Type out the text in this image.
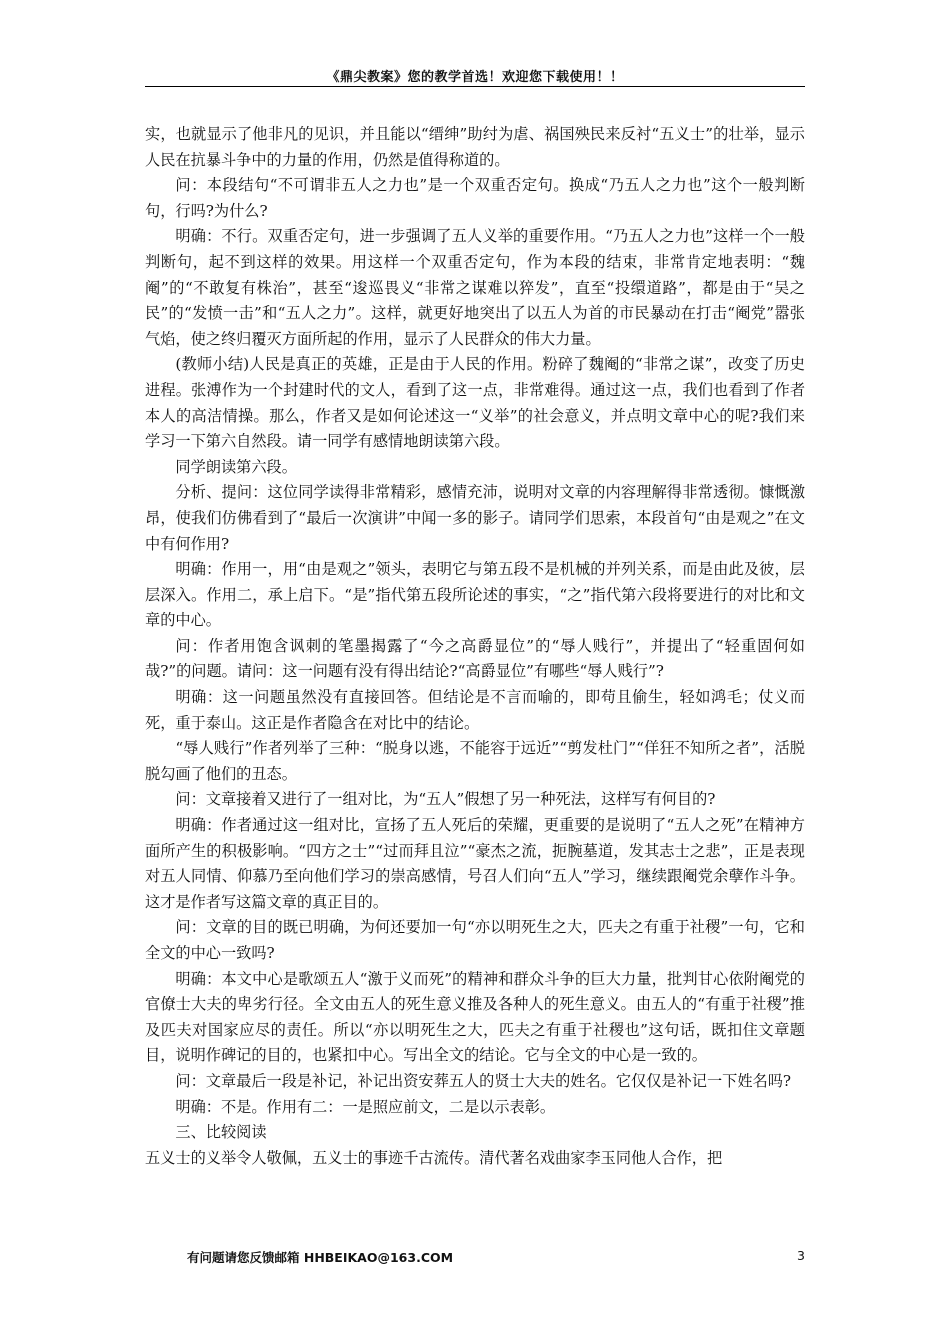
《鼎尖教案》您的教学首选！欢迎您下载使用！！

实，也就显示了他非凡的见识，并且能以“缙绅”助纣为虐、祸国殃民来反衬“五义士”的壮举，显示人民在抗暴斗争中的力量的作用，仍然是值得称道的。

问：本段结句“不可谓非五人之力也”是一个双重否定句。换成“乃五人之力也”这个一般判断句，行吗?为什么?

明确：不行。双重否定句，进一步强调了五人义举的重要作用。“乃五人之力也”这样一个一般判断句，起不到这样的效果。用这样一个双重否定句，作为本段的结束，非常肯定地表明：“魏阉”的“不敢复有株治”，甚至“逡巡畏义“非常之谋难以猝发”，直至“投缳道路”，都是由于“吴之民”的“发愤一击”和“五人之力”。这样，就更好地突出了以五人为首的市民暴动在打击“阉党”嚣张气焰，使之终归覆灭方面所起的作用，显示了人民群众的伟大力量。

(教师小结)人民是真正的英雄，正是由于人民的作用。粉碎了魏阉的“非常之谋”，改变了历史进程。张溥作为一个封建时代的文人，看到了这一点，非常难得。通过这一点，我们也看到了作者本人的高洁情操。那么，作者又是如何论述这一“义举”的社会意义，并点明文章中心的呢?我们来学习一下第六自然段。请一同学有感情地朗读第六段。

同学朗读第六段。

分析、提问：这位同学读得非常精彩，感情充沛，说明对文章的内容理解得非常透彻。慷慨激昂，使我们仿佛看到了“最后一次演讲”中闻一多的影子。请同学们思索，本段首句“由是观之”在文中有何作用?

明确：作用一，用“由是观之”领头，表明它与第五段不是机械的并列关系，而是由此及彼，层层深入。作用二，承上启下。“是”指代第五段所论述的事实，“之”指代第六段将要进行的对比和文章的中心。

问：作者用饱含讽刺的笔墨揭露了“今之高爵显位”的“辱人贱行”，并提出了“轻重固何如哉?”的问题。请问：这一问题有没有得出结论?“高爵显位”有哪些“辱人贱行”?

明确：这一问题虽然没有直接回答。但结论是不言而喻的，即苟且偷生，轻如鸿毛；仗义而死，重于泰山。这正是作者隐含在对比中的结论。

“辱人贱行”作者列举了三种：“脱身以逃，不能容于远近”“剪发杜门”“佯狂不知所之者”，活脱脱勾画了他们的丑态。

问：文章接着又进行了一组对比，为“五人”假想了另一种死法，这样写有何目的?

明确：作者通过这一组对比，宣扬了五人死后的荣耀，更重要的是说明了“五人之死”在精神方面所产生的积极影响。“四方之士”“过而拜且泣”“豪杰之流，扼腕墓道，发其志士之悲”，正是表现对五人同情、仰慕乃至向他们学习的崇高感情，号召人们向“五人”学习，继续跟阉党余孽作斗争。这才是作者写这篇文章的真正目的。

问：文章的目的既已明确，为何还要加一句“亦以明死生之大，匹夫之有重于社稷”一句，它和全文的中心一致吗?

明确：本文中心是歌颂五人“激于义而死”的精神和群众斗争的巨大力量，批判甘心依附阉党的官僚士大夫的卑劣行径。全文由五人的死生意义推及各种人的死生意义。由五人的“有重于社稷”推及匹夫对国家应尽的责任。所以“亦以明死生之大，匹夫之有重于社稷也”这句话，既扣住文章题目，说明作碑记的目的，也紧扣中心。写出全文的结论。它与全文的中心是一致的。

问：文章最后一段是补记，补记出资安葬五人的贤士大夫的姓名。它仅仅是补记一下姓名吗?

明确：不是。作用有二：一是照应前文，二是以示表彰。

三、比较阅读

五义士的义举令人敬佩，五义士的事迹千古流传。清代著名戏曲家李玉同他人合作，把

有问题请您反馈邮箱 HHBEIKAO@163.COM	3
